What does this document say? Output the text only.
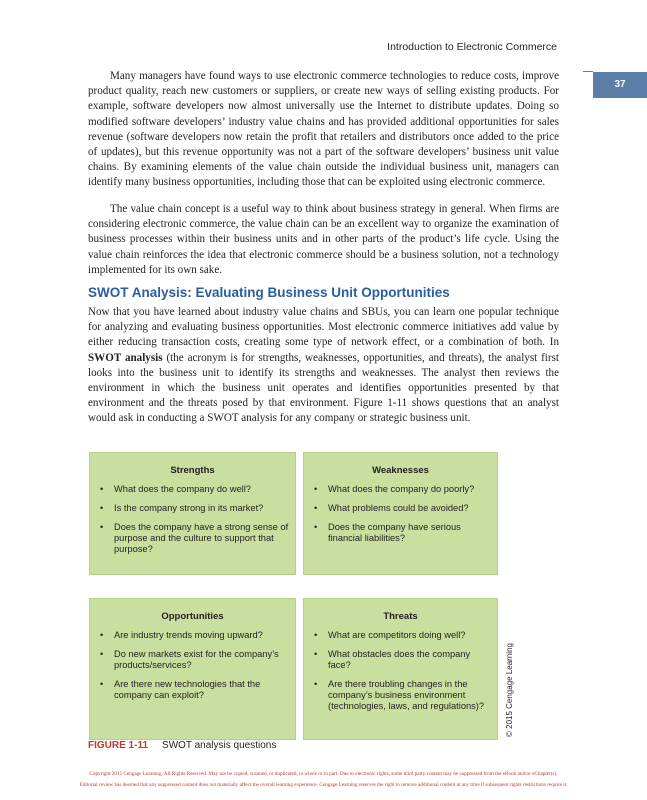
Introduction to Electronic Commerce
37

Many managers have found ways to use electronic commerce technologies to reduce costs, improve product quality, reach new customers or suppliers, or create new ways of selling existing products. For example, software developers now almost universally use the Internet to distribute updates. Doing so modified software developers’ industry value chains and has provided additional opportunities for sales revenue (software developers now retain the profit that retailers and distributors once added to the price of updates), but this revenue opportunity was not a part of the software developers’ business unit value chains. By examining elements of the value chain outside the individual business unit, managers can identify many business opportunities, including those that can be exploited using electronic commerce.

The value chain concept is a useful way to think about business strategy in general. When firms are considering electronic commerce, the value chain can be an excellent way to organize the examination of business processes within their business units and in other parts of the product’s life cycle. Using the value chain reinforces the idea that electronic commerce should be a business solution, not a technology implemented for its own sake.

SWOT Analysis: Evaluating Business Unit Opportunities

Now that you have learned about industry value chains and SBUs, you can learn one popular technique for analyzing and evaluating business opportunities. Most electronic commerce initiatives add value by either reducing transaction costs, creating some type of network effect, or a combination of both. In SWOT analysis (the acronym is for strengths, weaknesses, opportunities, and threats), the analyst first looks into the business unit to identify its strengths and weaknesses. The analyst then reviews the environment in which the business unit operates and identifies opportunities presented by that environment and the threats posed by that environment. Figure 1-11 shows questions that an analyst would ask in conducting a SWOT analysis for any company or strategic business unit.

Strengths
• What does the company do well?
• Is the company strong in its market?
• Does the company have a strong sense of purpose and the culture to support that purpose?
Weaknesses
• What does the company do poorly?
• What problems could be avoided?
• Does the company have serious financial liabilities?
Opportunities
• Are industry trends moving upward?
• Do new markets exist for the company’s products/services?
• Are there new technologies that the company can exploit?
Threats
• What are competitors doing well?
• What obstacles does the company face?
• Are there troubling changes in the company’s business environment (technologies, laws, and regulations)?	© 2015 Cengage Learning
FIGURE 1-11 SWOT analysis questions
Copyright 2015 Cengage Learning. All Rights Reserved. May not be copied, scanned, or duplicated, in whole or in part. Due to electronic rights, some third party content may be suppressed from the eBook and/or eChapter(s).
Editorial review has deemed that any suppressed content does not materially affect the overall learning experience. Cengage Learning reserves the right to remove additional content at any time if subsequent rights restrictions require it.
